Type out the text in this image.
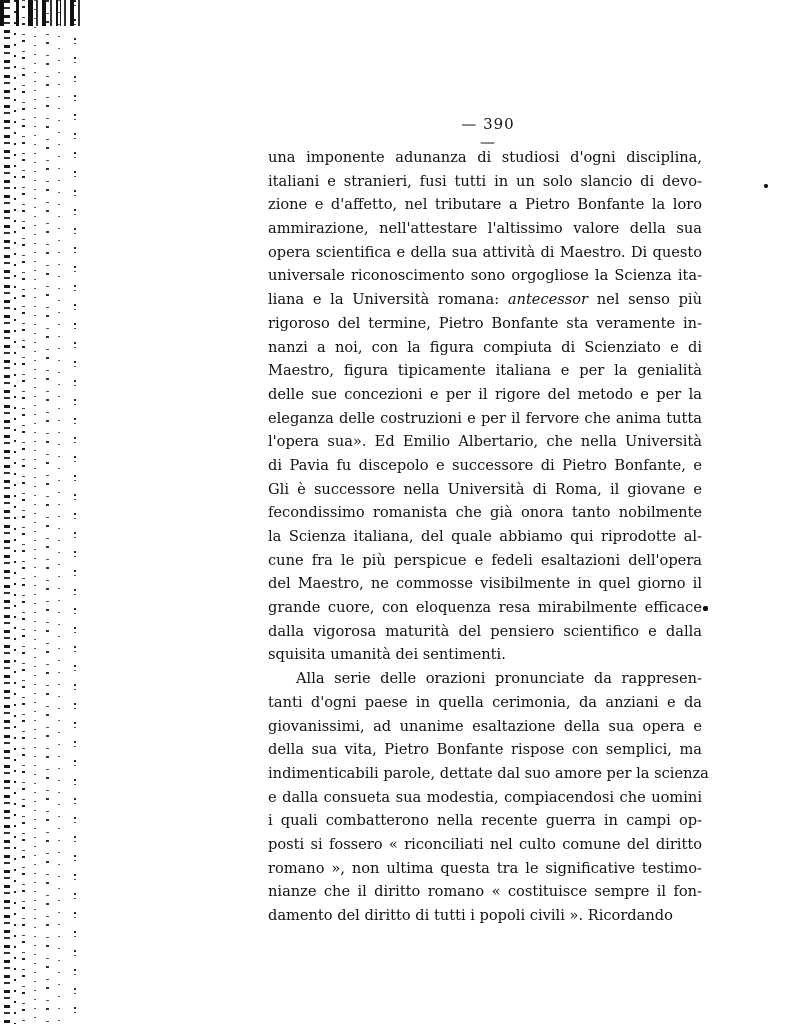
— 390 —
una imponente adunanza di studiosi d'ogni disciplina,
italiani e stranieri, fusi tutti in un solo slancio di devo-
zione e d'affetto, nel tributare a Pietro Bonfante la loro
ammirazione, nell'attestare l'altissimo valore della sua
opera scientifica e della sua attività di Maestro. Di questo
universale riconoscimento sono orgogliose la Scienza ita-
liana e la Università romana: antecessor nel senso più
rigoroso del termine, Pietro Bonfante sta veramente in-
nanzi a noi, con la figura compiuta di Scienziato e di
Maestro, figura tipicamente italiana e per la genialità
delle sue concezioni e per il rigore del metodo e per la
eleganza delle costruzioni e per il fervore che anima tutta
l'opera sua». Ed Emilio Albertario, che nella Università
di Pavia fu discepolo e successore di Pietro Bonfante, e
Gli è successore nella Università di Roma, il giovane e
fecondissimo romanista che già onora tanto nobilmente
la Scienza italiana, del quale abbiamo qui riprodotte al-
cune fra le più perspicue e fedeli esaltazioni dell'opera
del Maestro, ne commosse visibilmente in quel giorno il
grande cuore, con eloquenza resa mirabilmente efficace
dalla vigorosa maturità del pensiero scientifico e dalla
squisita umanità dei sentimenti.
Alla serie delle orazioni pronunciate da rappresen-
tanti d'ogni paese in quella cerimonia, da anziani e da
giovanissimi, ad unanime esaltazione della sua opera e
della sua vita, Pietro Bonfante rispose con semplici, ma
indimenticabili parole, dettate dal suo amore per la scienza
e dalla consueta sua modestia, compiacendosi che uomini
i quali combatterono nella recente guerra in campi op-
posti si fossero « riconciliati nel culto comune del diritto
romano », non ultima questa tra le significative testimo-
nianze che il diritto romano « costituisce sempre il fon-
damento del diritto di tutti i popoli civili ». Ricordando
